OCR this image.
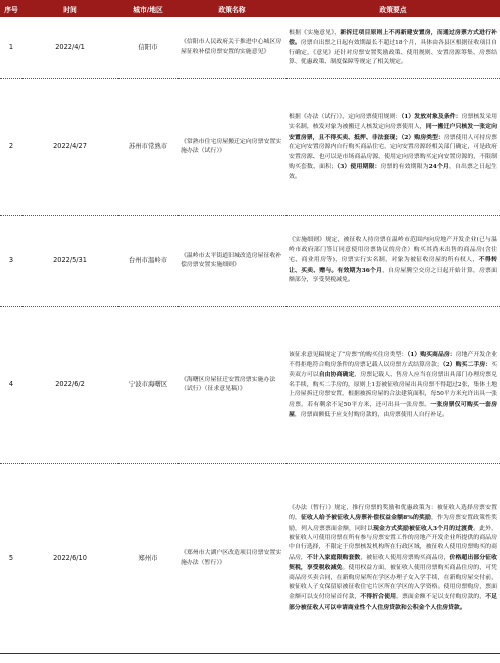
序号	时间	城市/地区	政策名称	政策要点
1	2022/4/1	信阳市	《信阳市人民政府关于推进中心城区房屋征收补偿房票安置的实施意见》	根据《实施意见》，新拆迁项目原则上不再新建安置房，而通过房票方式进行补偿。房票自出票之日起有效期最长不超过18个月，具体由各县区根据征收项目自行确定，《意见》还针对房票安置奖励政策、使用规则、安置房源筹集、房票结算、优惠政策、制度保障等规定了相关规定。
2	2022/4/27	苏州市常熟市	《常熟市住宅房屋搬迁定向房票安置实施办法（试行）》	根据《办法（试行）》，定向房票使用规则：（1）发放对象及条件：房票核发采用实名制，核发对象为被搬迁人核发定向房票使用人，同一搬迁户只核发一张定向安置房票，且不得买卖、抵押、非法套现；（2）购房类型：房票使用人可持房票在定向安置房源内自行购买商品住宅，定向安置房源经相关部门确定，可是政府安置房源、也可以是市场商品房源，使用定向房票购买定向安置房源的，不限制购买套数、面积；（3）使用期限：房票的有效期限为24个月，自出票之日起生效。
3	2022/5/31	台州市温岭市	《温岭市太平街道旧城改造房屋征收补偿房票安置实施细则》	《实施细则》规定，被征收人持房票在温岭市范围内向房地产开发企业(已与温岭市政府部门签订同意使用房票协议的房企）购买其尚未出售的商品房(含住宅、商业用房等)，房票实行实名制，对象为被征收房屋的所有权人，不得转让、买卖、赠与。有效期为36个月，自房屋腾空交房之日起开始计算，房票面额部分，享受契税减免。
4	2022/6/2	宁波市海曙区	《海曙区房屋征迁安置房票实施办法（试行）（征求意见稿）》	该征求意见稿规定了“房票”的购买住房类型：（1）购买商品房：房地产开发企业不得拒绝符合购房条件的房票记载人以房票方式结算房款；（2）购买二手房：买卖双方可以自由协商确定，房票记载人、售房人应当在房票出具部门办理房票兑名手续，购买二手房的，原则上1套被征收房屋出具房票不得超过2张，集体土地上房屋拆迁房票安置，根据被拆房屋的合法建筑面积，每50平方米允许出具一张房票，若有剩余不足50平方米，还可出具一张房票。一张房票仅可购买一套房屋，房票面额低于应支付购房款的，由房票使用人自行补足。
5	2022/6/10	郑州市	《郑州市大湖户区改造项目房票安置实施办法（暂行）》	《办法（暂行）》规定，推行房票的奖励和优惠政策为：被征收人选择房票安置的，征收人给予被征收人房票补偿权益金额8%的奖励，作为房票安置政策性奖励，列入房票票面金额，同时以现金方式奖励被征收人3个月的过渡费。此外，被征收人可使用房票在所有参与房票安置工作的房地产开发企业所提供的商品房中自行选择，不限定于房票核发机构所在行政区域，被征收人使用房票购买的商品房，不计入家庭限购套数，被征收人使用房票购买商品房，价格超出部分征收契税，享受税收减免。使用权益方面，被征收人使用房票购买商品住房的，可凭商品房买卖合同，在新购房屋所在学区办理子女入学手续，在新购房屋交付前，被征收人子女保留原被征收住宅片区所在学区的入学资格。使用房票购房，票面金额可以支付房屋首付款，不得折合使用，票面金额不足以支付购房款的，不足部分被征收人可以申请商业性个人住房贷款和公积金个人住房贷款。
